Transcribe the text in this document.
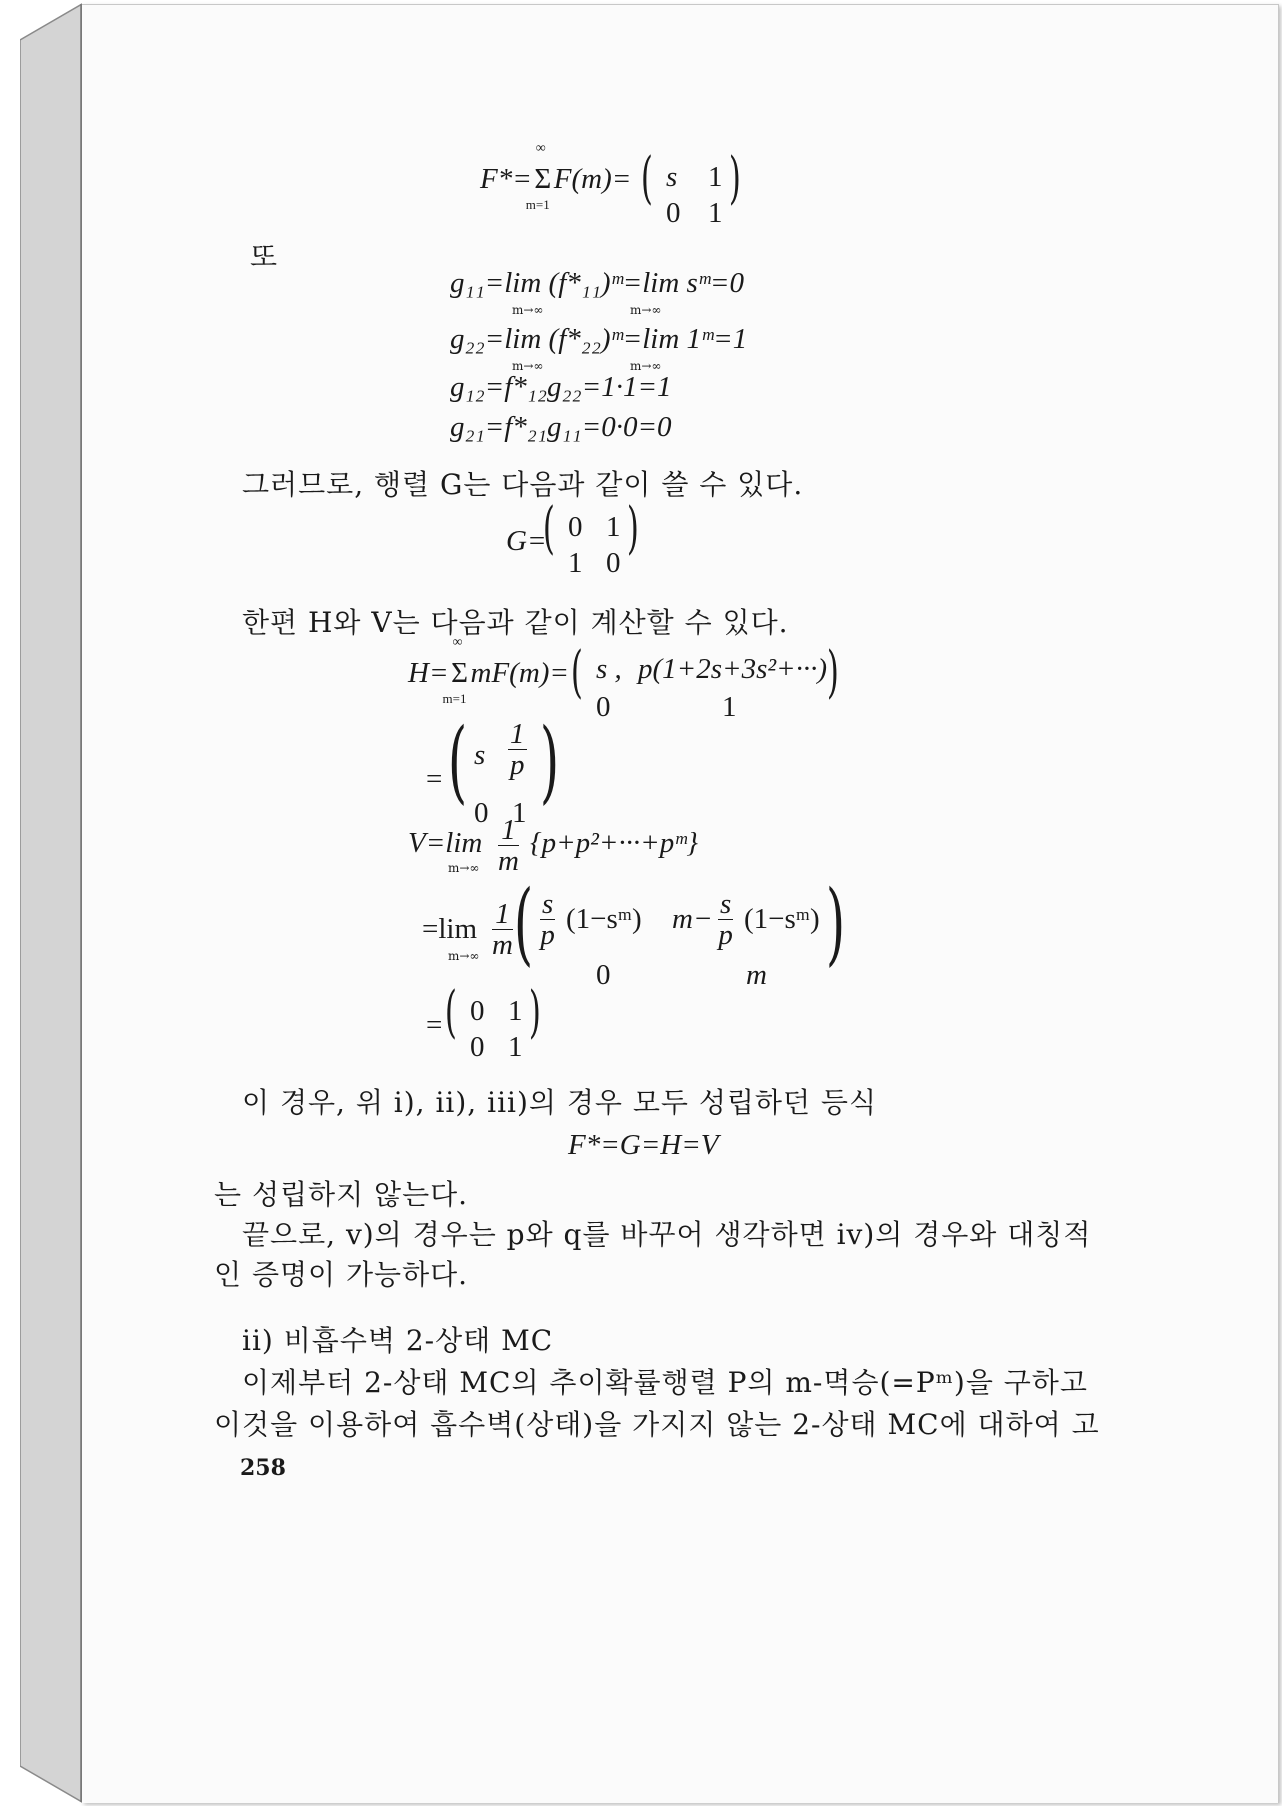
F*=
∞
Σ
m=1
F(m)= ( s 1
0 1
)
또
g₁₁=lim (f*₁₁)ᵐ=lim sᵐ=0
m→∞	m→∞
g₂₂=lim (f*₂₂)ᵐ=lim 1ᵐ=1
m→∞	m→∞
g₁₂=f*₁₂g₂₂=1·1=1
g₂₁=f*₂₁g₁₁=0·0=0
그러므로, 행렬 G는 다음과 같이 쓸 수 있다.
G=
( 0 1
1 0
)
한편 H와 V는 다음과 같이 계산할 수 있다.
H=
∞
Σ
m=1
mF(m)= ( s , p(1+2s+3s²+···)
0	1
)
= ( s $\frac{1}{p}$
0 1 )
V=lim
$m\to\infty \frac{1}{m}$ {p+p²+···+pᵐ}
=lim
$m\to\infty \frac{1}{m}$ ( $\frac{s}{p}$ (1−sᵐ) $m- \frac{s}{p}$ (1−sᵐ)
0	m )
= ( 0 1
0 1
)
이 경우, 위 i), ii), iii)의 경우 모두 성립하던 등식
F*=G=H=V
는 성립하지 않는다.
끝으로, v)의 경우는 p와 q를 바꾸어 생각하면 iv)의 경우와 대칭적
인 증명이 가능하다.
ii) 비흡수벽 2-상태 MC
이제부터 2-상태 MC의 추이확률행렬 P의 m-멱승(=Pᵐ)을 구하고
이것을 이용하여 흡수벽(상태)을 가지지 않는 2-상태 MC에 대하여 고
258
